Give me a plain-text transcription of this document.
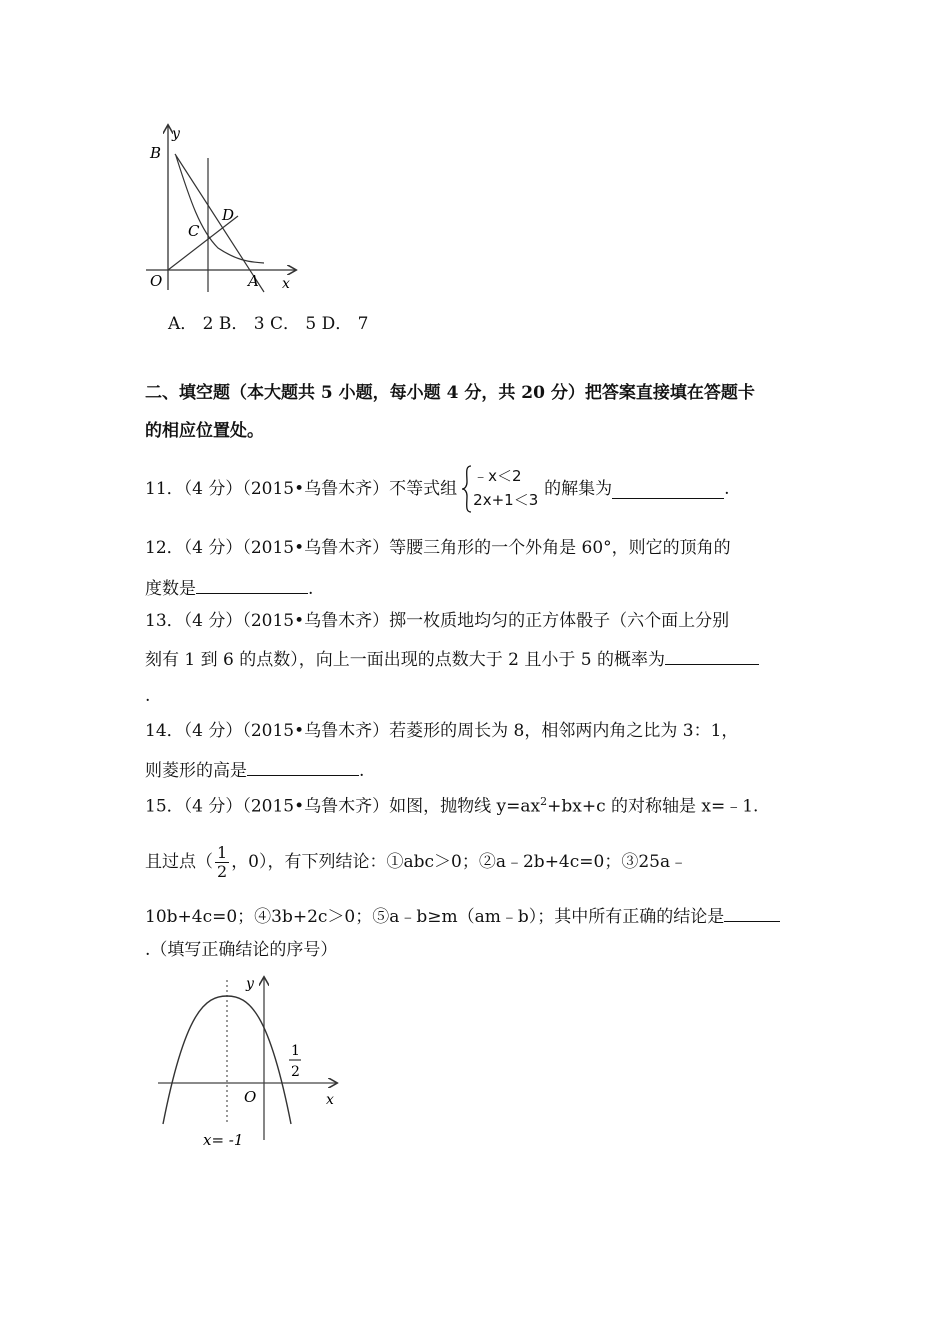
y
B
D
C
O	A x
A． 2 B． 3 C． 5 D． 7
二、填空题（本大题共 5 小题，每小题 4 分，共 20 分）把答案直接填在答题卡
的相应位置处。
11．（4 分）（2015•乌鲁木齐）不等式组
﹣x＜2
2x+1＜3
的解集为	.
12．（4 分）（2015•乌鲁木齐）等腰三角形的一个外角是 60°，则它的顶角的
度数是	.
13．（4 分）（2015•乌鲁木齐）掷一枚质地均匀的正方体骰子（六个面上分别
刻有 1 到 6 的点数），向上一面出现的点数大于 2 且小于 5 的概率为
.
14．（4 分）（2015•乌鲁木齐）若菱形的周长为 8，相邻两内角之比为 3：1，
则菱形的高是	.
15．（4 分）（2015•乌鲁木齐）如图，抛物线 $y=ax^2+bx+c$ 的对称轴是 x=﹣1.
且过点（ $\frac{1}{2}$ ，0），有下列结论：①abc＞0；②a﹣2b+4c=0；③25a﹣
10b+4c=0；④3b+2c＞0；⑤a﹣b≥m（am﹣b）；其中所有正确的结论是
.（填写正确结论的序号）
y
x
O
1
2
x= -1
